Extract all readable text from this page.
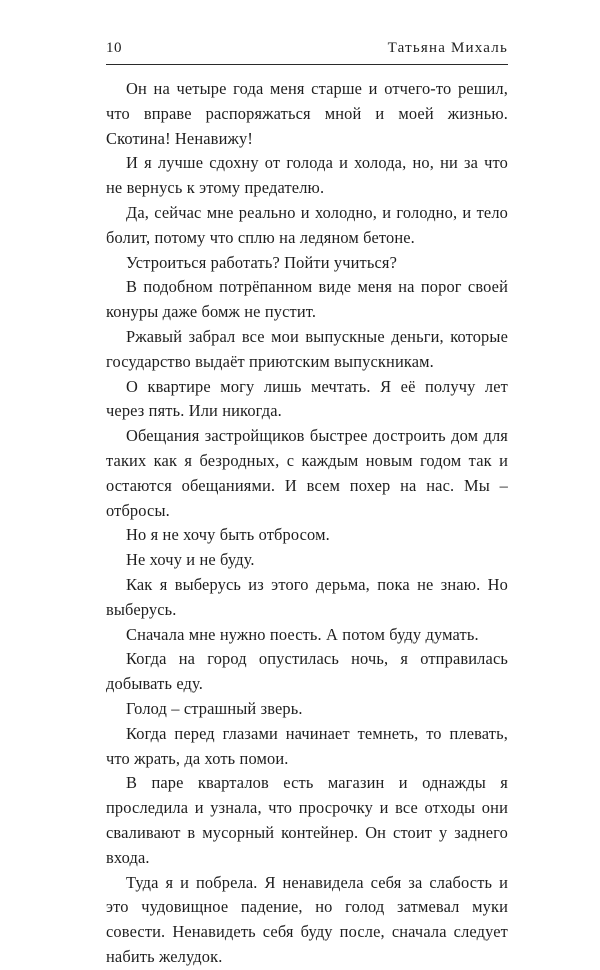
10	Татьяна Михаль

Он на четыре года меня старше и отчего-то решил, что вправе распоряжаться мной и моей жизнью. Скотина! Ненавижу!

И я лучше сдохну от голода и холода, но, ни за что не вернусь к этому предателю.

Да, сейчас мне реально и холодно, и голодно, и тело болит, потому что сплю на ледяном бетоне.

Устроиться работать? Пойти учиться?

В подобном потрёпанном виде меня на порог своей конуры даже бомж не пустит.

Ржавый забрал все мои выпускные деньги, которые государство выдаёт приютским выпускникам.

О квартире могу лишь мечтать. Я её получу лет через пять. Или никогда.

Обещания застройщиков быстрее достроить дом для таких как я безродных, с каждым новым годом так и остаются обещаниями. И всем похер на нас. Мы – отбросы.

Но я не хочу быть отбросом.

Не хочу и не буду.

Как я выберусь из этого дерьма, пока не знаю. Но выберусь.

Сначала мне нужно поесть. А потом буду думать.

Когда на город опустилась ночь, я отправилась добывать еду.

Голод – страшный зверь.

Когда перед глазами начинает темнеть, то плевать, что жрать, да хоть помои.

В паре кварталов есть магазин и однажды я проследила и узнала, что просрочку и все отходы они сваливают в мусорный контейнер. Он стоит у заднего входа.

Туда я и побрела. Я ненавидела себя за слабость и это чудовищное падение, но голод затмевал муки совести. Ненавидеть себя буду после, сначала следует набить желудок.
